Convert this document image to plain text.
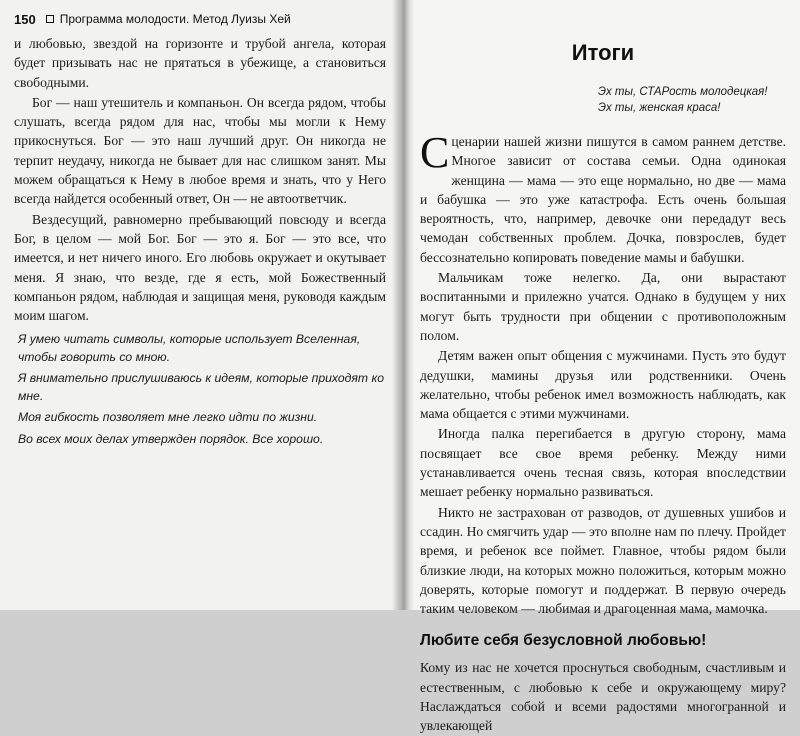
150 Программа молодости. Метод Луизы Хей

и любовью, звездой на горизонте и трубой ангела, которая будет призывать нас не прятаться в убежище, а становиться свободными.

Бог — наш утешитель и компаньон. Он всегда рядом, чтобы слушать, всегда рядом для нас, чтобы мы могли к Нему прикоснуться. Бог — это наш лучший друг. Он никогда не терпит неудачу, никогда не бывает для нас слишком занят. Мы можем обращаться к Нему в любое время и знать, что у Него всегда найдется особенный ответ, Он — не автоответчик.

Вездесущий, равномерно пребывающий повсюду и всегда Бог, в целом — мой Бог. Бог — это я. Бог — это все, что имеется, и нет ничего иного. Его любовь окружает и окутывает меня. Я знаю, что везде, где я есть, мой Божественный компаньон рядом, наблюдая и защищая меня, руководя каждым моим шагом.

Я умею читать символы, которые использует Вселенная, чтобы говорить со мною.

Я внимательно прислушиваюсь к идеям, которые приходят ко мне.

Моя гибкость позволяет мне легко идти по жизни.

Во всех моих делах утвержден порядок. Все хорошо.

Итоги
Эх ты, СТАРость молодецкая!
Эх ты, женская краса!

Сценарии нашей жизни пишутся в самом раннем детстве. Многое зависит от состава семьи. Одна одинокая женщина — мама — это еще нормально, но две — мама и бабушка — это уже катастрофа. Есть очень большая вероятность, что, например, девочке они передадут весь чемодан собственных проблем. Дочка, повзрослев, будет бессознательно копировать поведение мамы и бабушки.

Мальчикам тоже нелегко. Да, они вырастают воспитанными и прилежно учатся. Однако в будущем у них могут быть трудности при общении с противоположным полом.

Детям важен опыт общения с мужчинами. Пусть это будут дедушки, мамины друзья или родственники. Очень желательно, чтобы ребенок имел возможность наблюдать, как мама общается с этими мужчинами.

Иногда палка перегибается в другую сторону, мама посвящает все свое время ребенку. Между ними устанавливается очень тесная связь, которая впоследствии мешает ребенку нормально развиваться.

Никто не застрахован от разводов, от душевных ушибов и ссадин. Но смягчить удар — это вполне нам по плечу. Пройдет время, и ребенок все поймет. Главное, чтобы рядом были близкие люди, на которых можно положиться, которым можно доверять, которые помогут и поддержат. В первую очередь таким человеком — любимая и драгоценная мама, мамочка.

Любите себя безусловной любовью!

Кому из нас не хочется проснуться свободным, счастливым и естественным, с любовью к себе и окружающему миру? Наслаждаться собой и всеми радостями многогранной и увлекающей
